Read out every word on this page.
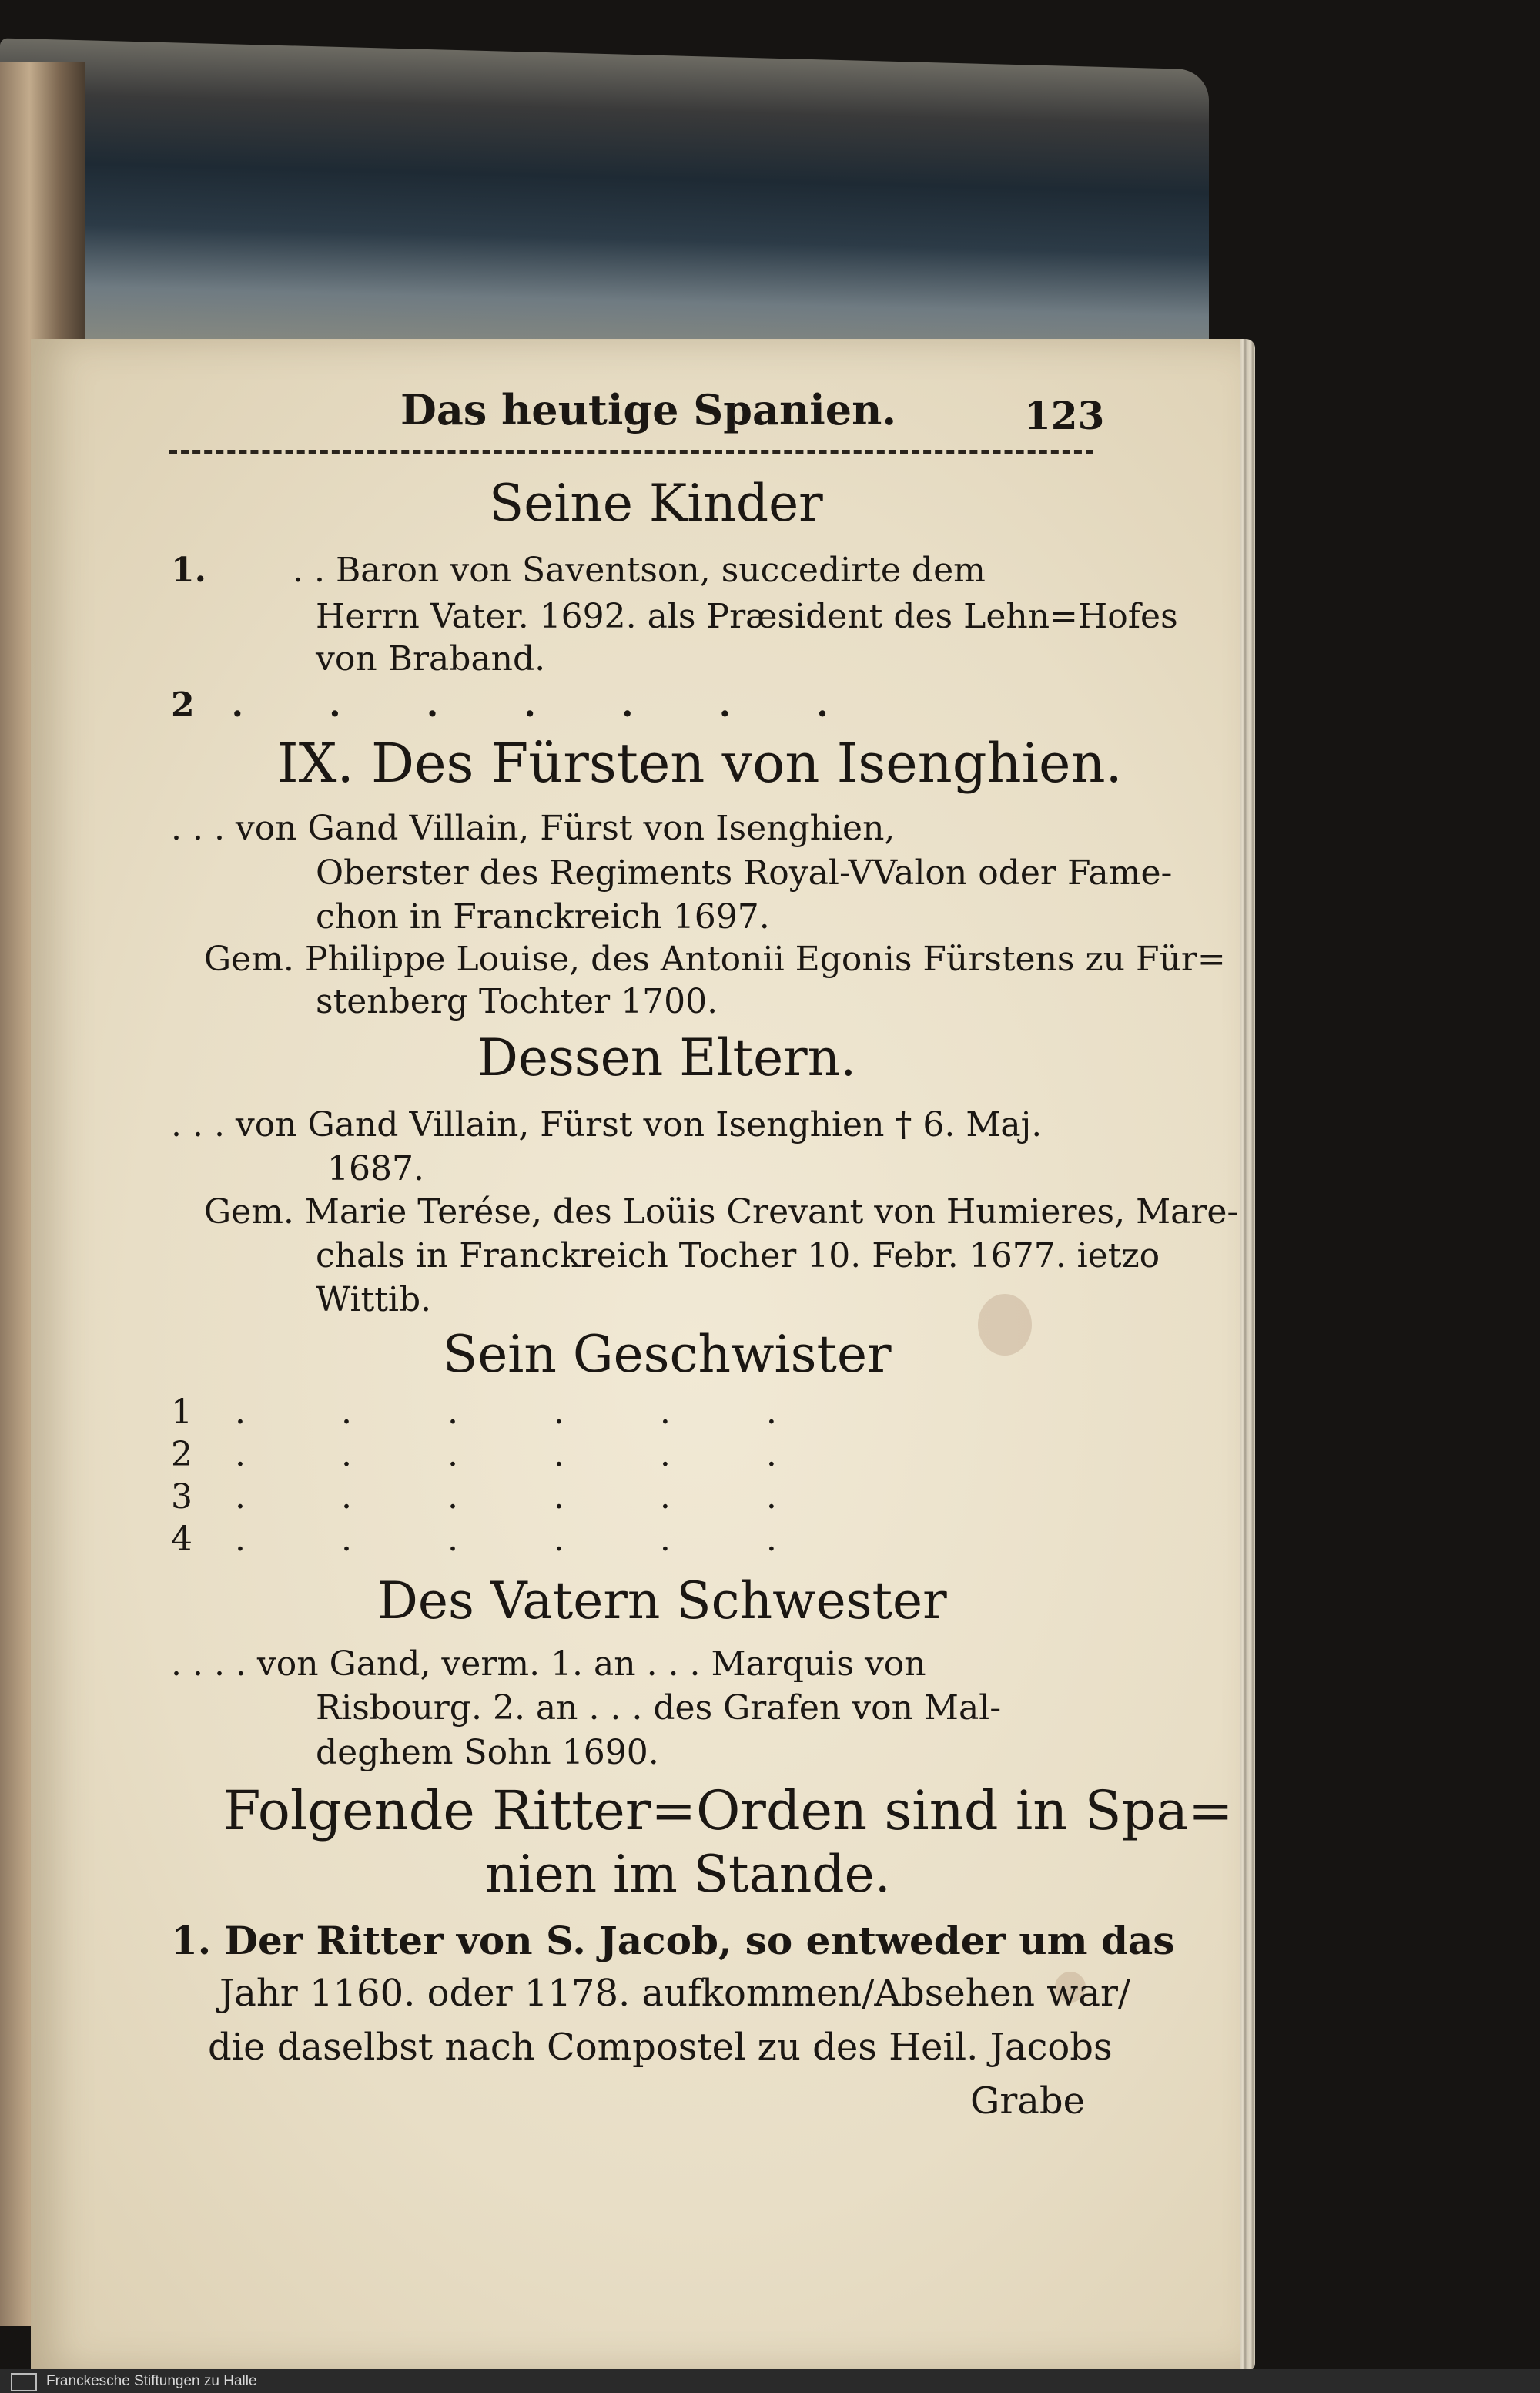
Das heutige Spanien.	123
Seine Kinder
1.	. . Baron von Saventson, succedirte dem
Herrn Vater. 1692. als Præsident des Lehn=Hofes
von Braband.
2. . . . . . .
IX. Des Fürsten von Isenghien.
. . . von Gand Villain, Fürst von Isenghien,
Oberster des Regiments Royal-VValon oder Fame-
chon in Franckreich 1697.
Gem. Philippe Louise, des Antonii Egonis Fürstens zu Für=
stenberg Tochter 1700.
Dessen Eltern.
. . . von Gand Villain, Fürst von Isenghien † 6. Maj.
1687.
Gem. Marie Terése, des Loüis Crevant von Humieres, Mare-
chals in Franckreich Tocher 10. Febr. 1677. ietzo
Wittib.
Sein Geschwister
1. . . . . .
2. . . . . .
3. . . . . .
4. . . . . .
Des Vatern Schwester
. . . . von Gand, verm. 1. an . . . Marquis von
Risbourg. 2. an . . . des Grafen von Mal-
deghem Sohn 1690.
Folgende Ritter=Orden sind in Spa=
nien im Stande.
1. Der Ritter von S. Jacob, so entweder um das
Jahr 1160. oder 1178. aufkommen/Absehen war/
die daselbst nach Compostel zu des Heil. Jacobs
Grabe
Franckesche Stiftungen zu Halle
